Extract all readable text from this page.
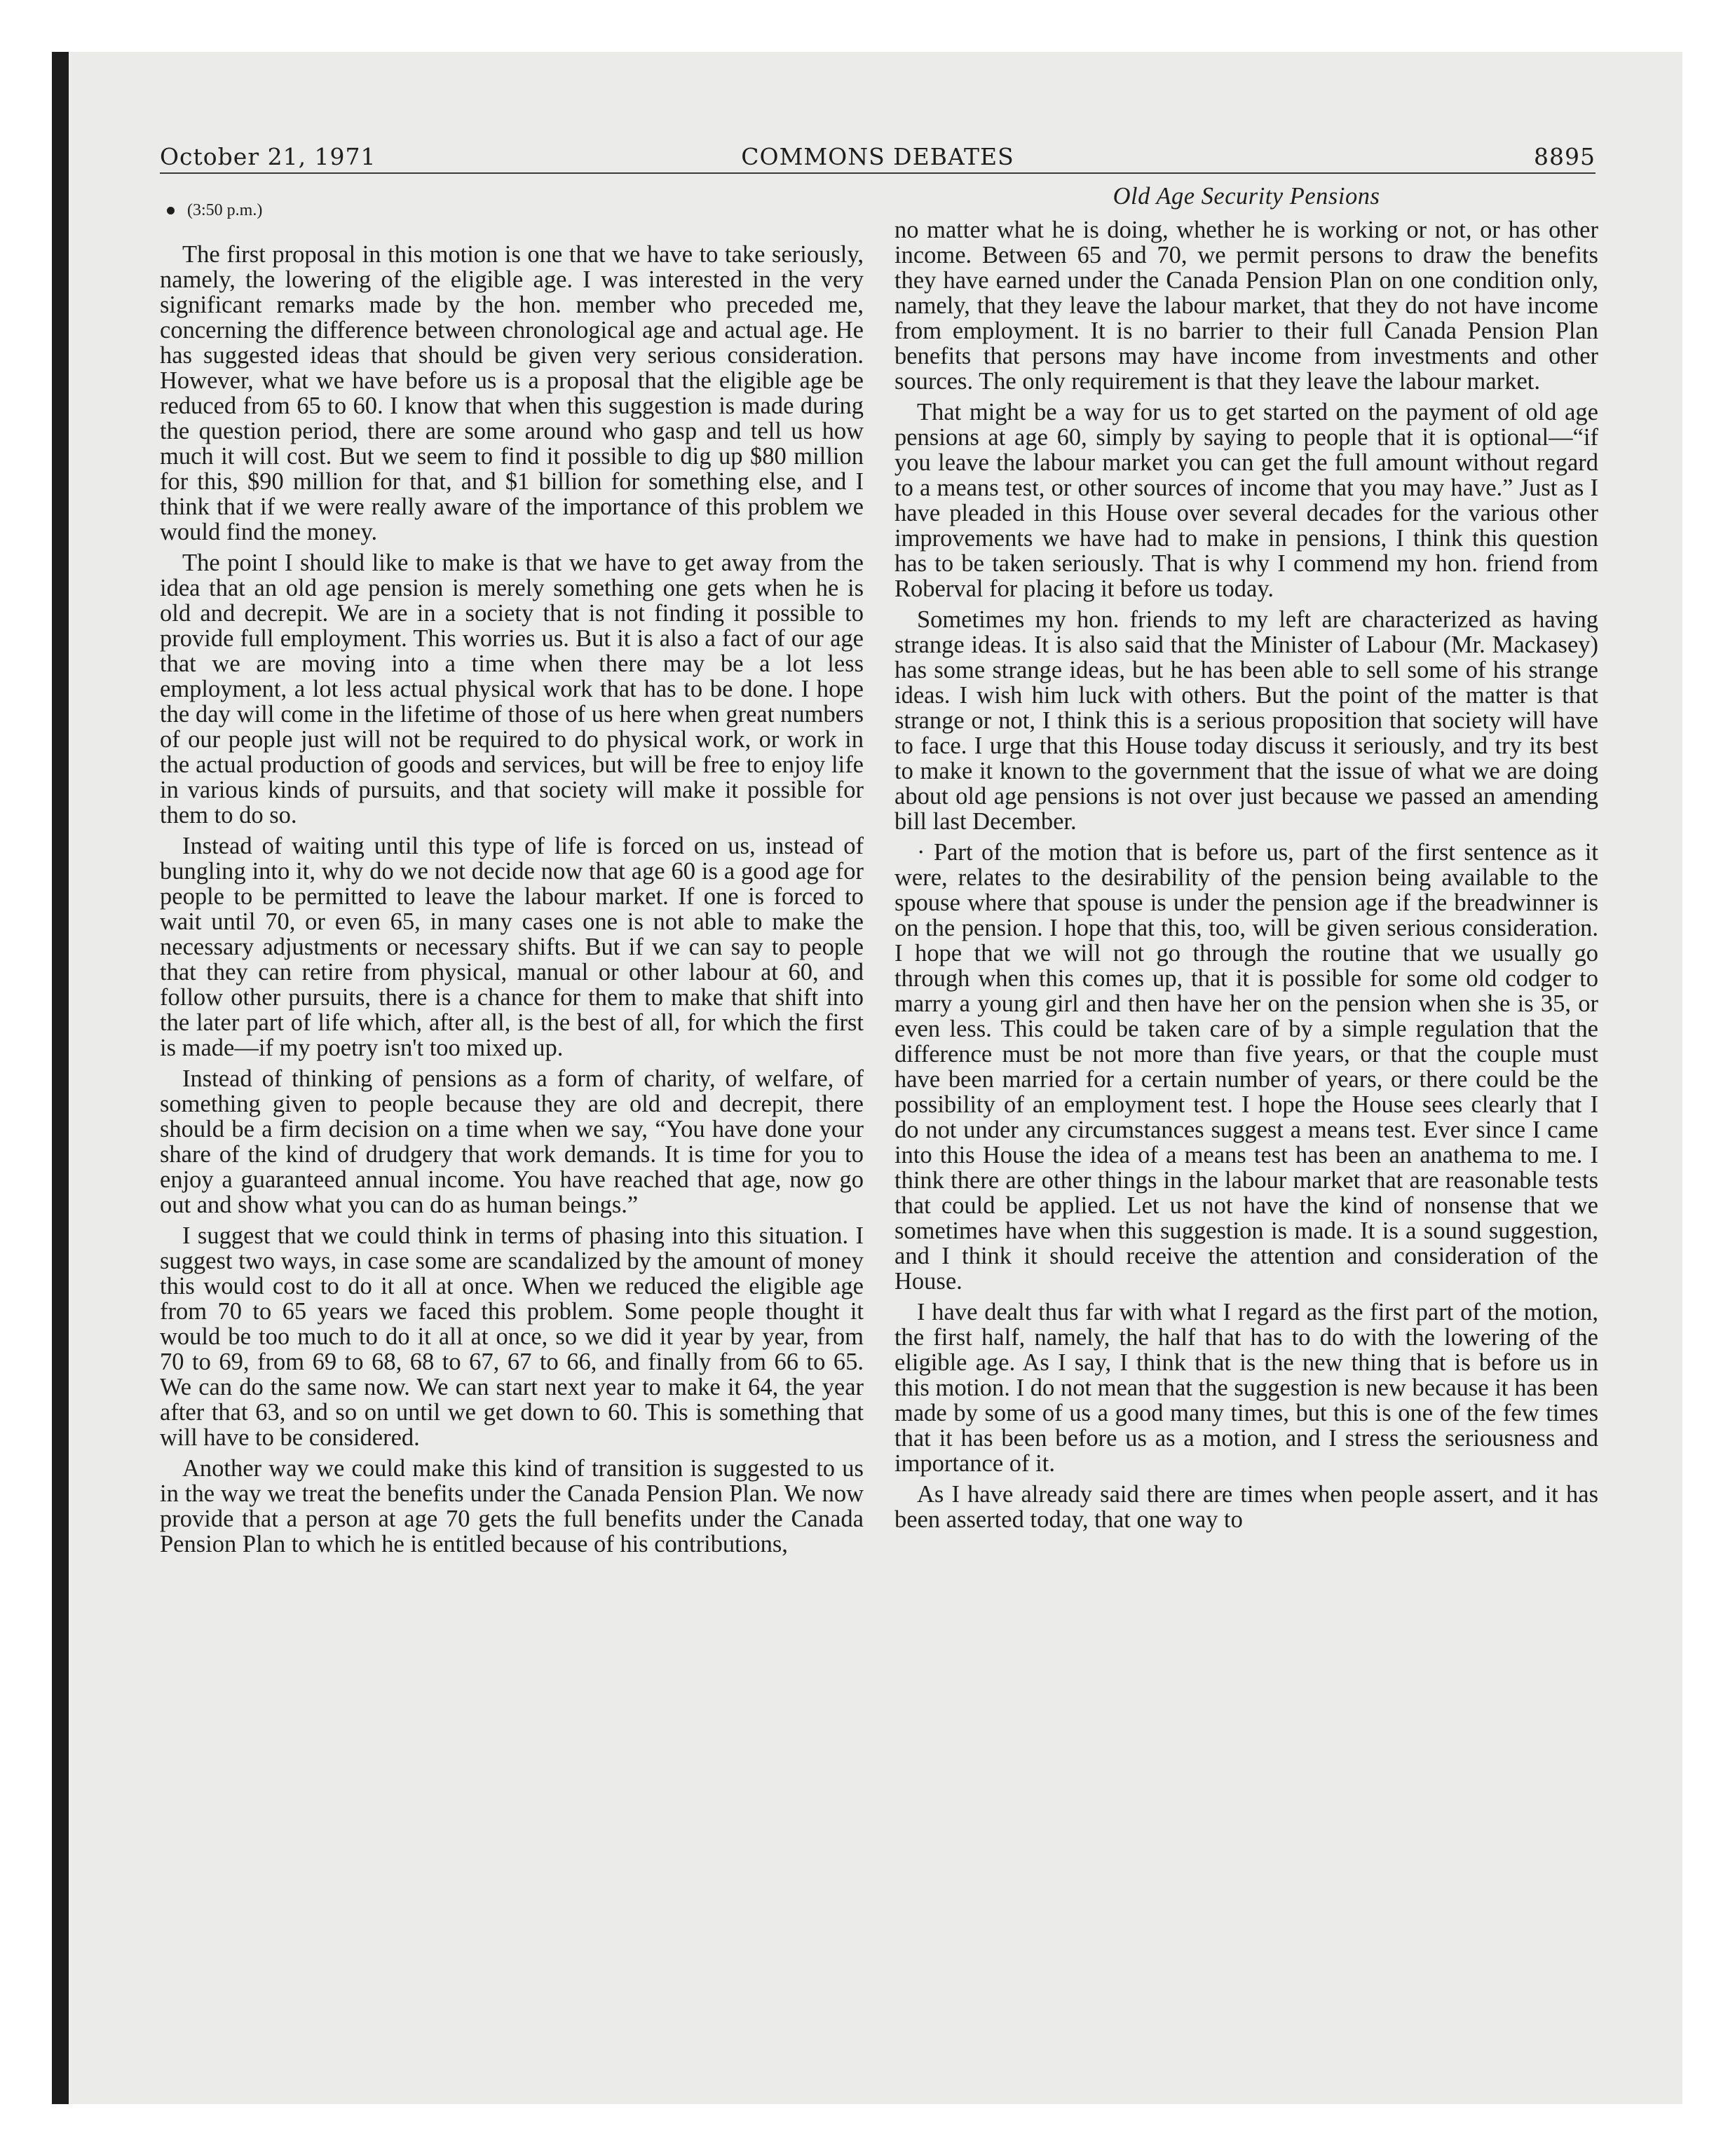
October 21, 1971	COMMONS DEBATES	8895
(3:50 p.m.)

The first proposal in this motion is one that we have to take seriously, namely, the lowering of the eligible age. I was interested in the very significant remarks made by the hon. member who preceded me, concerning the difference between chronological age and actual age. He has suggested ideas that should be given very serious consideration. However, what we have before us is a proposal that the eligible age be reduced from 65 to 60. I know that when this suggestion is made during the question period, there are some around who gasp and tell us how much it will cost. But we seem to find it possible to dig up $80 million for this, $90 million for that, and $1 billion for something else, and I think that if we were really aware of the importance of this problem we would find the money.

The point I should like to make is that we have to get away from the idea that an old age pension is merely something one gets when he is old and decrepit. We are in a society that is not finding it possible to provide full employment. This worries us. But it is also a fact of our age that we are moving into a time when there may be a lot less employment, a lot less actual physical work that has to be done. I hope the day will come in the lifetime of those of us here when great numbers of our people just will not be required to do physical work, or work in the actual production of goods and services, but will be free to enjoy life in various kinds of pursuits, and that society will make it possible for them to do so.

Instead of waiting until this type of life is forced on us, instead of bungling into it, why do we not decide now that age 60 is a good age for people to be permitted to leave the labour market. If one is forced to wait until 70, or even 65, in many cases one is not able to make the necessary adjustments or necessary shifts. But if we can say to people that they can retire from physical, manual or other labour at 60, and follow other pursuits, there is a chance for them to make that shift into the later part of life which, after all, is the best of all, for which the first is made—if my poetry isn't too mixed up.

Instead of thinking of pensions as a form of charity, of welfare, of something given to people because they are old and decrepit, there should be a firm decision on a time when we say, “You have done your share of the kind of drudgery that work demands. It is time for you to enjoy a guaranteed annual income. You have reached that age, now go out and show what you can do as human beings.”

I suggest that we could think in terms of phasing into this situation. I suggest two ways, in case some are scandalized by the amount of money this would cost to do it all at once. When we reduced the eligible age from 70 to 65 years we faced this problem. Some people thought it would be too much to do it all at once, so we did it year by year, from 70 to 69, from 69 to 68, 68 to 67, 67 to 66, and finally from 66 to 65. We can do the same now. We can start next year to make it 64, the year after that 63, and so on until we get down to 60. This is something that will have to be considered.

Another way we could make this kind of transition is suggested to us in the way we treat the benefits under the Canada Pension Plan. We now provide that a person at age 70 gets the full benefits under the Canada Pension Plan to which he is entitled because of his contributions,

Old Age Security Pensions

no matter what he is doing, whether he is working or not, or has other income. Between 65 and 70, we permit persons to draw the benefits they have earned under the Canada Pension Plan on one condition only, namely, that they leave the labour market, that they do not have income from employment. It is no barrier to their full Canada Pension Plan benefits that persons may have income from investments and other sources. The only requirement is that they leave the labour market.

That might be a way for us to get started on the payment of old age pensions at age 60, simply by saying to people that it is optional—“if you leave the labour market you can get the full amount without regard to a means test, or other sources of income that you may have.” Just as I have pleaded in this House over several decades for the various other improvements we have had to make in pensions, I think this question has to be taken seriously. That is why I commend my hon. friend from Roberval for placing it before us today.

Sometimes my hon. friends to my left are characterized as having strange ideas. It is also said that the Minister of Labour (Mr. Mackasey) has some strange ideas, but he has been able to sell some of his strange ideas. I wish him luck with others. But the point of the matter is that strange or not, I think this is a serious proposition that society will have to face. I urge that this House today discuss it seriously, and try its best to make it known to the government that the issue of what we are doing about old age pensions is not over just because we passed an amending bill last December.

· Part of the motion that is before us, part of the first sentence as it were, relates to the desirability of the pension being available to the spouse where that spouse is under the pension age if the breadwinner is on the pension. I hope that this, too, will be given serious consideration. I hope that we will not go through the routine that we usually go through when this comes up, that it is possible for some old codger to marry a young girl and then have her on the pension when she is 35, or even less. This could be taken care of by a simple regulation that the difference must be not more than five years, or that the couple must have been married for a certain number of years, or there could be the possibility of an employment test. I hope the House sees clearly that I do not under any circumstances suggest a means test. Ever since I came into this House the idea of a means test has been an anathema to me. I think there are other things in the labour market that are reasonable tests that could be applied. Let us not have the kind of nonsense that we sometimes have when this suggestion is made. It is a sound suggestion, and I think it should receive the attention and consideration of the House.

I have dealt thus far with what I regard as the first part of the motion, the first half, namely, the half that has to do with the lowering of the eligible age. As I say, I think that is the new thing that is before us in this motion. I do not mean that the suggestion is new because it has been made by some of us a good many times, but this is one of the few times that it has been before us as a motion, and I stress the seriousness and importance of it.

As I have already said there are times when people assert, and it has been asserted today, that one way to
